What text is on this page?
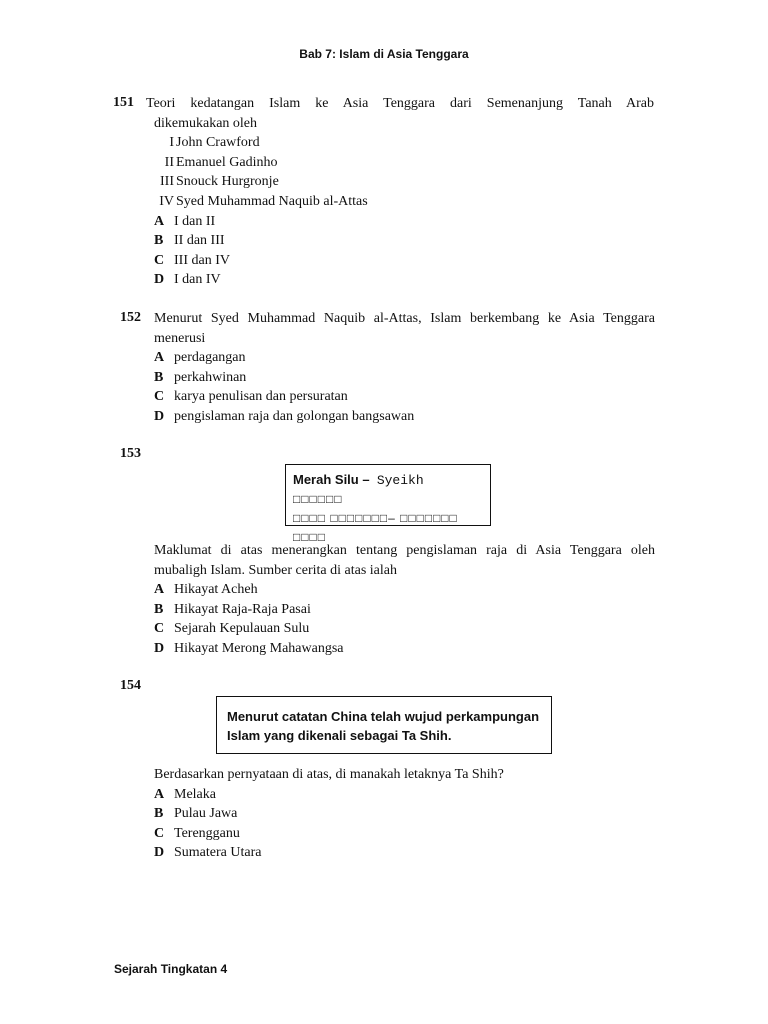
Bab 7: Islam di Asia Tenggara
151 Teori kedatangan Islam ke Asia Tenggara dari Semenanjung Tanah Arab
dikemukakan oleh
I John Crawford
II Emanuel Gadinho
III Snouck Hurgronje
IV Syed Muhammad Naquib al-Attas
A I dan II
B II dan III
C III dan IV
D I dan IV
152 Menurut Syed Muhammad Naquib al-Attas, Islam berkembang ke Asia Tenggara
menerusi
A perdagangan
B perkahwinan
C karya penulisan dan persuratan
D pengislaman raja dan golongan bangsawan
153
Merah Silu – Syeikh
□□□□□□
□□□□ □□□□□□□– □□□□□□□
□□□□
Maklumat di atas menerangkan tentang pengislaman raja di Asia Tenggara oleh
mubaligh Islam. Sumber cerita di atas ialah
A Hikayat Acheh
B Hikayat Raja-Raja Pasai
C Sejarah Kepulauan Sulu
D Hikayat Merong Mahawangsa
154
Menurut catatan China telah wujud perkampungan
Islam yang dikenali sebagai Ta Shih.
Berdasarkan pernyataan di atas, di manakah letaknya Ta Shih?
A Melaka
B Pulau Jawa
C Terengganu
D Sumatera Utara
Sejarah Tingkatan 4
